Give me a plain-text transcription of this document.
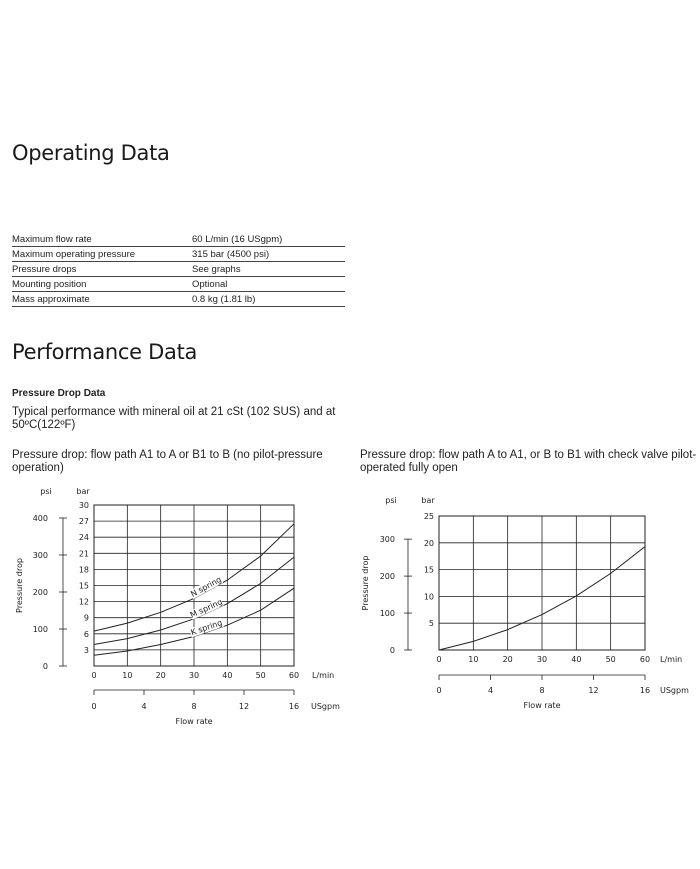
Operating Data
Maximum flow rate	60 L/min (16 USgpm)
Maximum operating pressure	315 bar (4500 psi)
Pressure drops	See graphs
Mounting position	Optional
Mass approximate	0.8 kg (1.81 lb)
Performance Data
Pressure Drop Data
Typical performance with mineral oil at 21 cSt (102 SUS) and at 50ºC(122ºF)
Pressure drop: flow path A1 to A or B1 to B (no pilot-pressure operation)
Pressure drop: flow path A to A1, or B to B1 with check valve pilot-operated fully open
3
6
9
12
15
18
21
24
27
30
0	10	20	30	40	50	60
0
100
200
300
400
psi	bar
L/min
0	4	8	12	16 USgpm
Flow rate
Pressure drop	N spring
M spring
K spring	5
10
15
20
25
0	10	20	30	40	50	60
0
100
200
300
psi	bar
L/min
0	4	8	12	16 USgpm
Flow rate
Pressure drop
